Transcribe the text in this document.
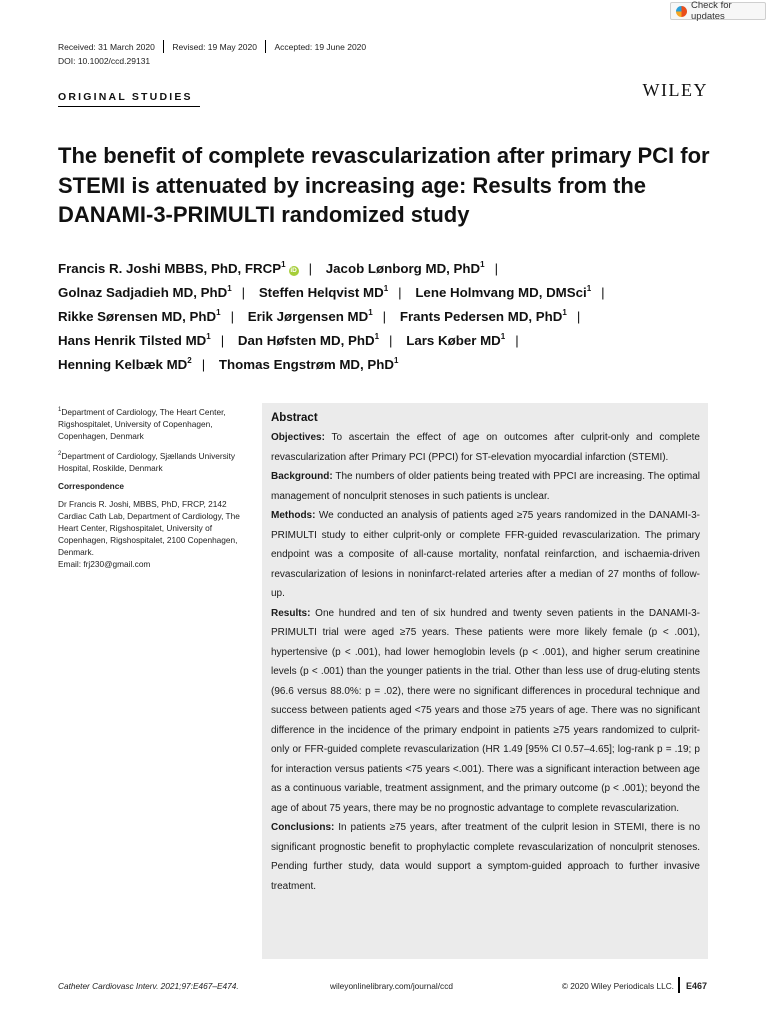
Check for updates
Received: 31 March 2020 Revised: 19 May 2020 Accepted: 19 June 2020
DOI: 10.1002/ccd.29131
ORIGINAL STUDIES	WILEY
The benefit of complete revascularization after primary PCI for STEMI is attenuated by increasing age: Results from the DANAMI-3-PRIMULTI randomized study
Francis R. Joshi MBBS, PhD, FRCP$^1$iD | Jacob Lønborg MD, PhD$^1$ |
Golnaz Sadjadieh MD, PhD$^1$ | Steffen Helqvist $MD^1$ | Lene Holmvang MD, DMSci$^1$ |
Rikke Sørensen MD, PhD$^1$ | Erik Jørgensen $MD^1$ | Frants Pedersen MD, PhD$^1$ |
Hans Henrik Tilsted $MD^1$ | Dan Høfsten MD, PhD$^1$ | Lars Køber $MD^1$ |
Henning Kelbæk $MD^2$ | Thomas Engstrøm MD, PhD$^1$

$^1$Department of Cardiology, The Heart Center, Rigshospitalet, University of Copenhagen, Copenhagen, Denmark

$^2$Department of Cardiology, Sjællands University Hospital, Roskilde, Denmark

Correspondence

Dr Francis R. Joshi, MBBS, PhD, FRCP, 2142 Cardiac Cath Lab, Department of Cardiology, The Heart Center, Rigshospitalet, University of Copenhagen, Rigshospitalet, 2100 Copenhagen, Denmark.
Email: frj230@gmail.com

Abstract

Objectives: To ascertain the effect of age on outcomes after culprit-only and complete revascularization after Primary PCI (PPCI) for ST-elevation myocardial infarction (STEMI).

Background: The numbers of older patients being treated with PPCI are increasing. The optimal management of nonculprit stenoses in such patients is unclear.

Methods: We conducted an analysis of patients aged ≥75 years randomized in the DANAMI-3-PRIMULTI study to either culprit-only or complete FFR-guided revascularization. The primary endpoint was a composite of all-cause mortality, nonfatal reinfarction, and ischaemia-driven revascularization of lesions in noninfarct-related arteries after a median of 27 months of follow-up.

Results: One hundred and ten of six hundred and twenty seven patients in the DANAMI-3-PRIMULTI trial were aged ≥75 years. These patients were more likely female (p < .001), hypertensive (p < .001), had lower hemoglobin levels (p < .001), and higher serum creatinine levels (p < .001) than the younger patients in the trial. Other than less use of drug-eluting stents (96.6 versus 88.0%: p = .02), there were no significant differences in procedural technique and success between patients aged <75 years and those ≥75 years of age. There was no significant difference in the incidence of the primary endpoint in patients ≥75 years randomized to culprit-only or FFR-guided complete revascularization (HR 1.49 [95% CI 0.57–4.65]; log-rank p = .19; p for interaction versus patients <75 years <.001). There was a significant interaction between age as a continuous variable, treatment assignment, and the primary outcome (p < .001); beyond the age of about 75 years, there may be no prognostic advantage to complete revascularization.

Conclusions: In patients ≥75 years, after treatment of the culprit lesion in STEMI, there is no significant prognostic benefit to prophylactic complete revascularization of nonculprit stenoses. Pending further study, data would support a symptom-guided approach to further invasive treatment.

Catheter Cardiovasc Interv. 2021;97:E467–E474.	wileyonlinelibrary.com/journal/ccd	© 2020 Wiley Periodicals LLC. E467
